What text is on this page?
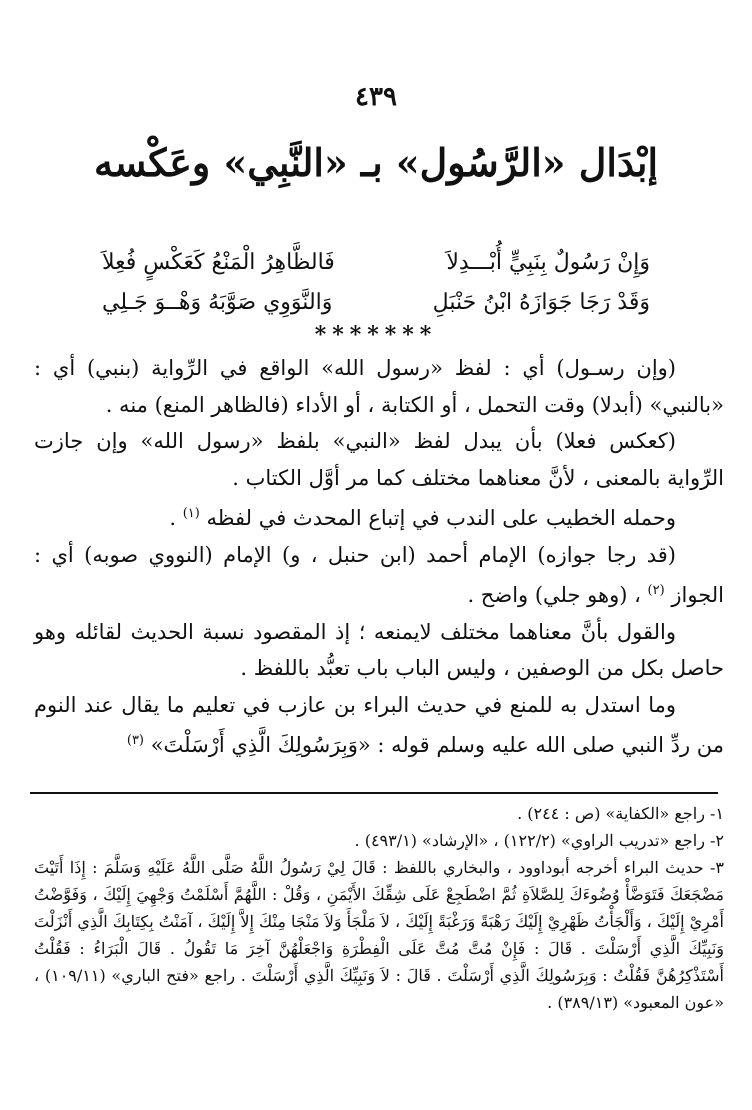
٤٣٩
إبْدَال «الرَّسُول» بـ «النَّبِي» وعَكْسه
وَإِنْ رَسُولٌ بِنَبِيٍّ أُبْـــدِلاَ
فَالظَّاهِرُ الْمَنْعُ كَعَكْسٍ فُعِلاَ
وَقَدْ رَجَا جَوَازَهُ ابْنُ حَنْبَلِ
وَالنَّوَوِي صَوَّبَهُ وَهْــوَ جَـلِي
*******

(وإن رسـول) أي : لفظ «رسول الله» الواقع في الرِّواية (بنبي) أي : «بالنبي» (أبدلا) وقت التحمل ، أو الكتابة ، أو الأداء (فالظاهر المنع) منه .

(كعكس فعلا) بأن يبدل لفظ «النبي» بلفظ «رسول الله» وإن جازت الرِّواية بالمعنى ، لأنَّ معناهما مختلف كما مر أوَّل الكتاب .

وحمله الخطيب على الندب في إتباع المحدث في لفظه $^{(١)}$ .

(قد رجا جوازه) الإمام أحمد (ابن حنبل ، و) الإمام (النووي صوبه) أي : الجواز $^{(٢)}$ ، (وهو جلي) واضح .

والقول بأنَّ معناهما مختلف لايمنعه ؛ إذ المقصود نسبة الحديث لقائله وهو حاصل بكل من الوصفين ، وليس الباب باب تعبُّد باللفظ .

وما استدل به للمنع في حديث البراء بن عازب في تعليم ما يقال عند النوم من ردِّ النبي صلى الله عليه وسلم قوله : «وَبِرَسُولِكَ الَّذِي أَرْسَلْتَ» $^{(٣)}$

١- راجع «الكفاية» (ص : ٢٤٤) .

٢- راجع «تدريب الراوي» (١٢٢/٢) ، «الإرشاد» (٤٩٣/١) .

٣- حديث البراء أخرجه أبوداوود ، والبخاري باللفظ : قَالَ لِيْ رَسُولُ اللَّهُ صَلَّى اللَّهُ عَلَيْهِ وَسَلَّمَ : إِذَا أَتَيْتَ مَضْجَعَكَ فَتَوَضَّأْ وُضُوءَكَ لِلصَّلاَةِ ثُمَّ اضْطَجِعْ عَلَى شِقِّكَ الأَيْمَنِ ، وَقُلْ : اللَّهُمَّ أَسْلَمْتُ وَجْهِيَ إِلَيْكَ ، وَفَوَّضْتُ أَمْرِيْ إِلَيْكَ ، وَأَلْجَأْتُ ظَهْرِيْ إِلَيْكَ رَهْبَةً وَرَغْبَةً إِلَيْكَ ، لاَ مَلْجَأَ وَلاَ مَنْجَا مِنْكَ إِلاَّ إِلَيْكَ ، آمَنْتُ بِكِتَابِكَ الَّذِي أَنْزَلْتَ وَنَبِيِّكَ الَّذِي أَرْسَلْتَ . قَالَ : فَإِنْ مُتَّ مُتَّ عَلَى الْفِطْرَةِ وَاجْعَلْهُنَّ آخِرَ مَا تَقُولُ . قَالَ الْبَرَاءُ : فَقُلْتُ أَسْتَذْكِرُهُنَّ فَقُلْتُ : وَبِرَسُولِكَ الَّذِي أَرْسَلْتَ . قَالَ : لاَ وَنَبِيِّكَ الَّذِي أَرْسَلْتَ . راجع «فتح الباري» (١٠٩/١١) ، «عون المعبود» (٣٨٩/١٣) .
